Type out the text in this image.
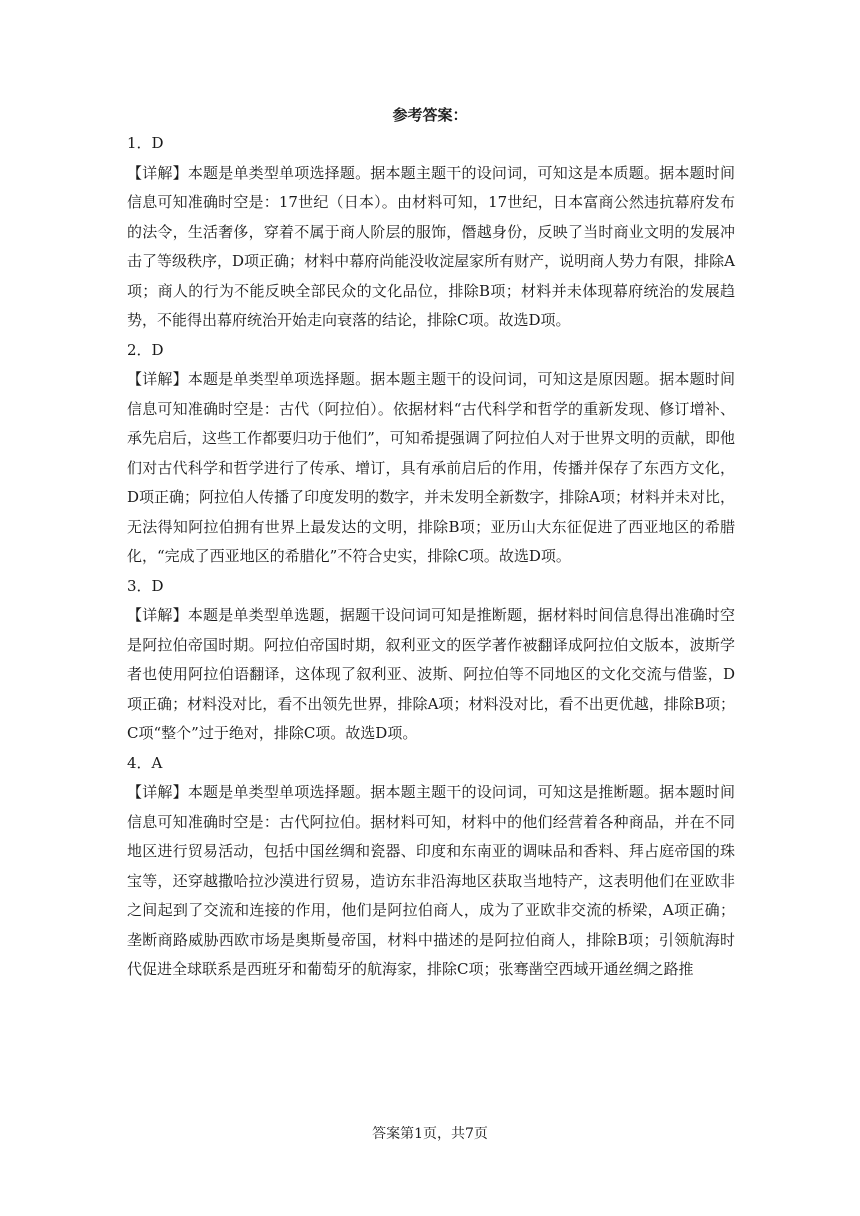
参考答案：
1．D
【详解】本题是单类型单项选择题。据本题主题干的设问词，可知这是本质题。据本题时间信息可知准确时空是：17世纪（日本）。由材料可知，17世纪，日本富商公然违抗幕府发布的法令，生活奢侈，穿着不属于商人阶层的服饰，僭越身份，反映了当时商业文明的发展冲击了等级秩序，D项正确；材料中幕府尚能没收淀屋家所有财产，说明商人势力有限，排除A项；商人的行为不能反映全部民众的文化品位，排除B项；材料并未体现幕府统治的发展趋势，不能得出幕府统治开始走向衰落的结论，排除C项。故选D项。
2．D
【详解】本题是单类型单项选择题。据本题主题干的设问词，可知这是原因题。据本题时间信息可知准确时空是：古代（阿拉伯）。依据材料“古代科学和哲学的重新发现、修订增补、承先启后，这些工作都要归功于他们”，可知希提强调了阿拉伯人对于世界文明的贡献，即他们对古代科学和哲学进行了传承、增订，具有承前启后的作用，传播并保存了东西方文化，D项正确；阿拉伯人传播了印度发明的数字，并未发明全新数字，排除A项；材料并未对比，无法得知阿拉伯拥有世界上最发达的文明，排除B项；亚历山大东征促进了西亚地区的希腊化，“完成了西亚地区的希腊化”不符合史实，排除C项。故选D项。
3．D
【详解】本题是单类型单选题，据题干设问词可知是推断题，据材料时间信息得出准确时空是阿拉伯帝国时期。阿拉伯帝国时期，叙利亚文的医学著作被翻译成阿拉伯文版本，波斯学者也使用阿拉伯语翻译，这体现了叙利亚、波斯、阿拉伯等不同地区的文化交流与借鉴，D项正确；材料没对比，看不出领先世界，排除A项；材料没对比，看不出更优越，排除B项；C项“整个”过于绝对，排除C项。故选D项。
4．A
【详解】本题是单类型单项选择题。据本题主题干的设问词，可知这是推断题。据本题时间信息可知准确时空是：古代阿拉伯。据材料可知，材料中的他们经营着各种商品，并在不同地区进行贸易活动，包括中国丝绸和瓷器、印度和东南亚的调味品和香料、拜占庭帝国的珠宝等，还穿越撒哈拉沙漠进行贸易，造访东非沿海地区获取当地特产，这表明他们在亚欧非之间起到了交流和连接的作用，他们是阿拉伯商人，成为了亚欧非交流的桥梁，A项正确；垄断商路威胁西欧市场是奥斯曼帝国，材料中描述的是阿拉伯商人，排除B项；引领航海时代促进全球联系是西班牙和葡萄牙的航海家，排除C项；张骞凿空西域开通丝绸之路推
答案第1页，共7页
